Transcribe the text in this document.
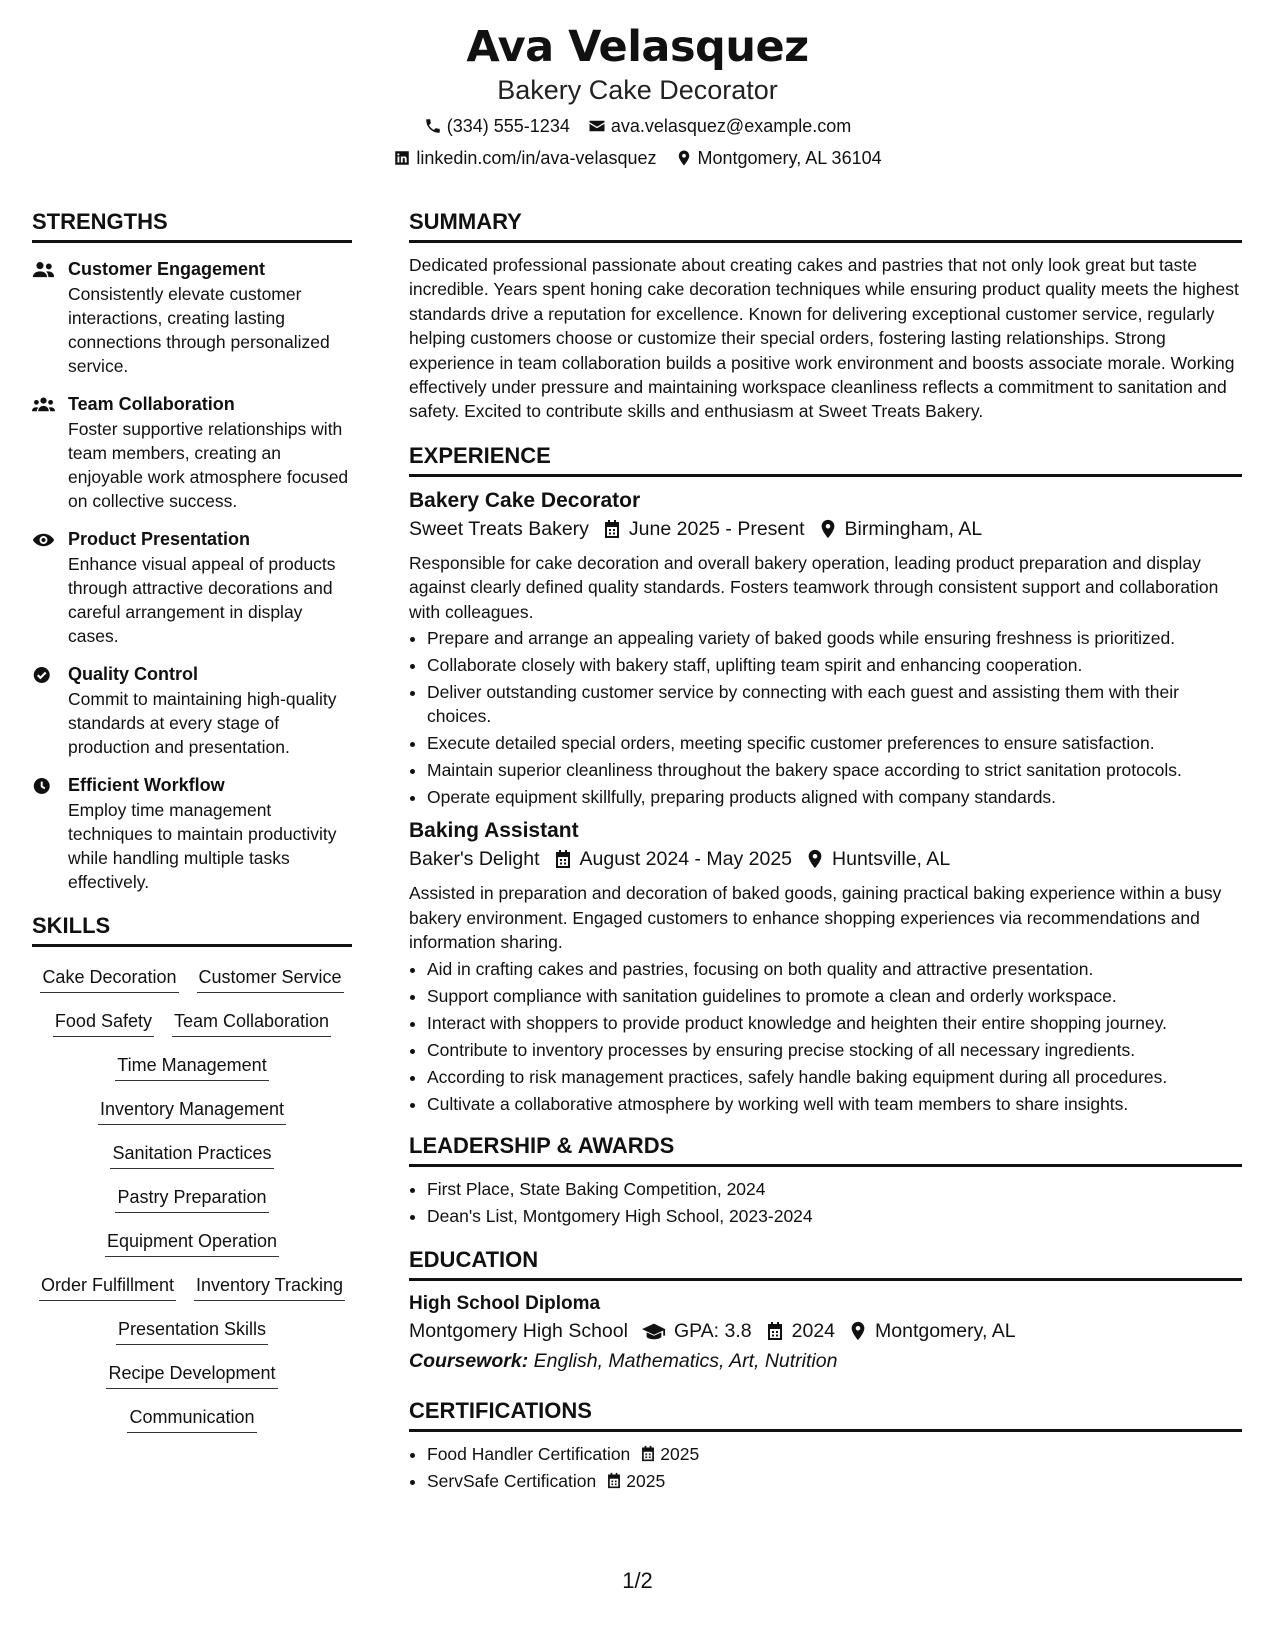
Ava Velasquez
Bakery Cake Decorator
(334) 555-1234 ava.velasquez@example.com
linkedin.com/in/ava-velasquez Montgomery, AL 36104
STRENGTHS
Customer Engagement
Consistently elevate customer interactions, creating lasting connections through personalized service.
Team Collaboration
Foster supportive relationships with team members, creating an enjoyable work atmosphere focused on collective success.
Product Presentation
Enhance visual appeal of products through attractive decorations and careful arrangement in display cases.
Quality Control
Commit to maintaining high-quality standards at every stage of production and presentation.
Efficient Workflow
Employ time management techniques to maintain productivity while handling multiple tasks effectively.
SKILLS
Cake Decoration Customer Service
Food Safety Team Collaboration
Time Management
Inventory Management
Sanitation Practices
Pastry Preparation
Equipment Operation
Order Fulfillment Inventory Tracking
Presentation Skills
Recipe Development
Communication
SUMMARY
Dedicated professional passionate about creating cakes and pastries that not only look great but taste incredible. Years spent honing cake decoration techniques while ensuring product quality meets the highest standards drive a reputation for excellence. Known for delivering exceptional customer service, regularly helping customers choose or customize their special orders, fostering lasting relationships. Strong experience in team collaboration builds a positive work environment and boosts associate morale. Working effectively under pressure and maintaining workspace cleanliness reflects a commitment to sanitation and safety. Excited to contribute skills and enthusiasm at Sweet Treats Bakery.
EXPERIENCE
Bakery Cake Decorator
Sweet Treats Bakery June 2025 - Present Birmingham, AL
Responsible for cake decoration and overall bakery operation, leading product preparation and display against clearly defined quality standards. Fosters teamwork through consistent support and collaboration with colleagues.
• Prepare and arrange an appealing variety of baked goods while ensuring freshness is prioritized.
• Collaborate closely with bakery staff, uplifting team spirit and enhancing cooperation.
• Deliver outstanding customer service by connecting with each guest and assisting them with their choices.
• Execute detailed special orders, meeting specific customer preferences to ensure satisfaction.
• Maintain superior cleanliness throughout the bakery space according to strict sanitation protocols.
• Operate equipment skillfully, preparing products aligned with company standards.
Baking Assistant
Baker's Delight August 2024 - May 2025 Huntsville, AL
Assisted in preparation and decoration of baked goods, gaining practical baking experience within a busy bakery environment. Engaged customers to enhance shopping experiences via recommendations and information sharing.
• Aid in crafting cakes and pastries, focusing on both quality and attractive presentation.
• Support compliance with sanitation guidelines to promote a clean and orderly workspace.
• Interact with shoppers to provide product knowledge and heighten their entire shopping journey.
• Contribute to inventory processes by ensuring precise stocking of all necessary ingredients.
• According to risk management practices, safely handle baking equipment during all procedures.
• Cultivate a collaborative atmosphere by working well with team members to share insights.
LEADERSHIP & AWARDS
• First Place, State Baking Competition, 2024
• Dean's List, Montgomery High School, 2023-2024
EDUCATION
High School Diploma
Montgomery High School GPA: 3.8 2024 Montgomery, AL
Coursework: English, Mathematics, Art, Nutrition
CERTIFICATIONS
• Food Handler Certification 2025
• ServSafe Certification 2025
1/2
